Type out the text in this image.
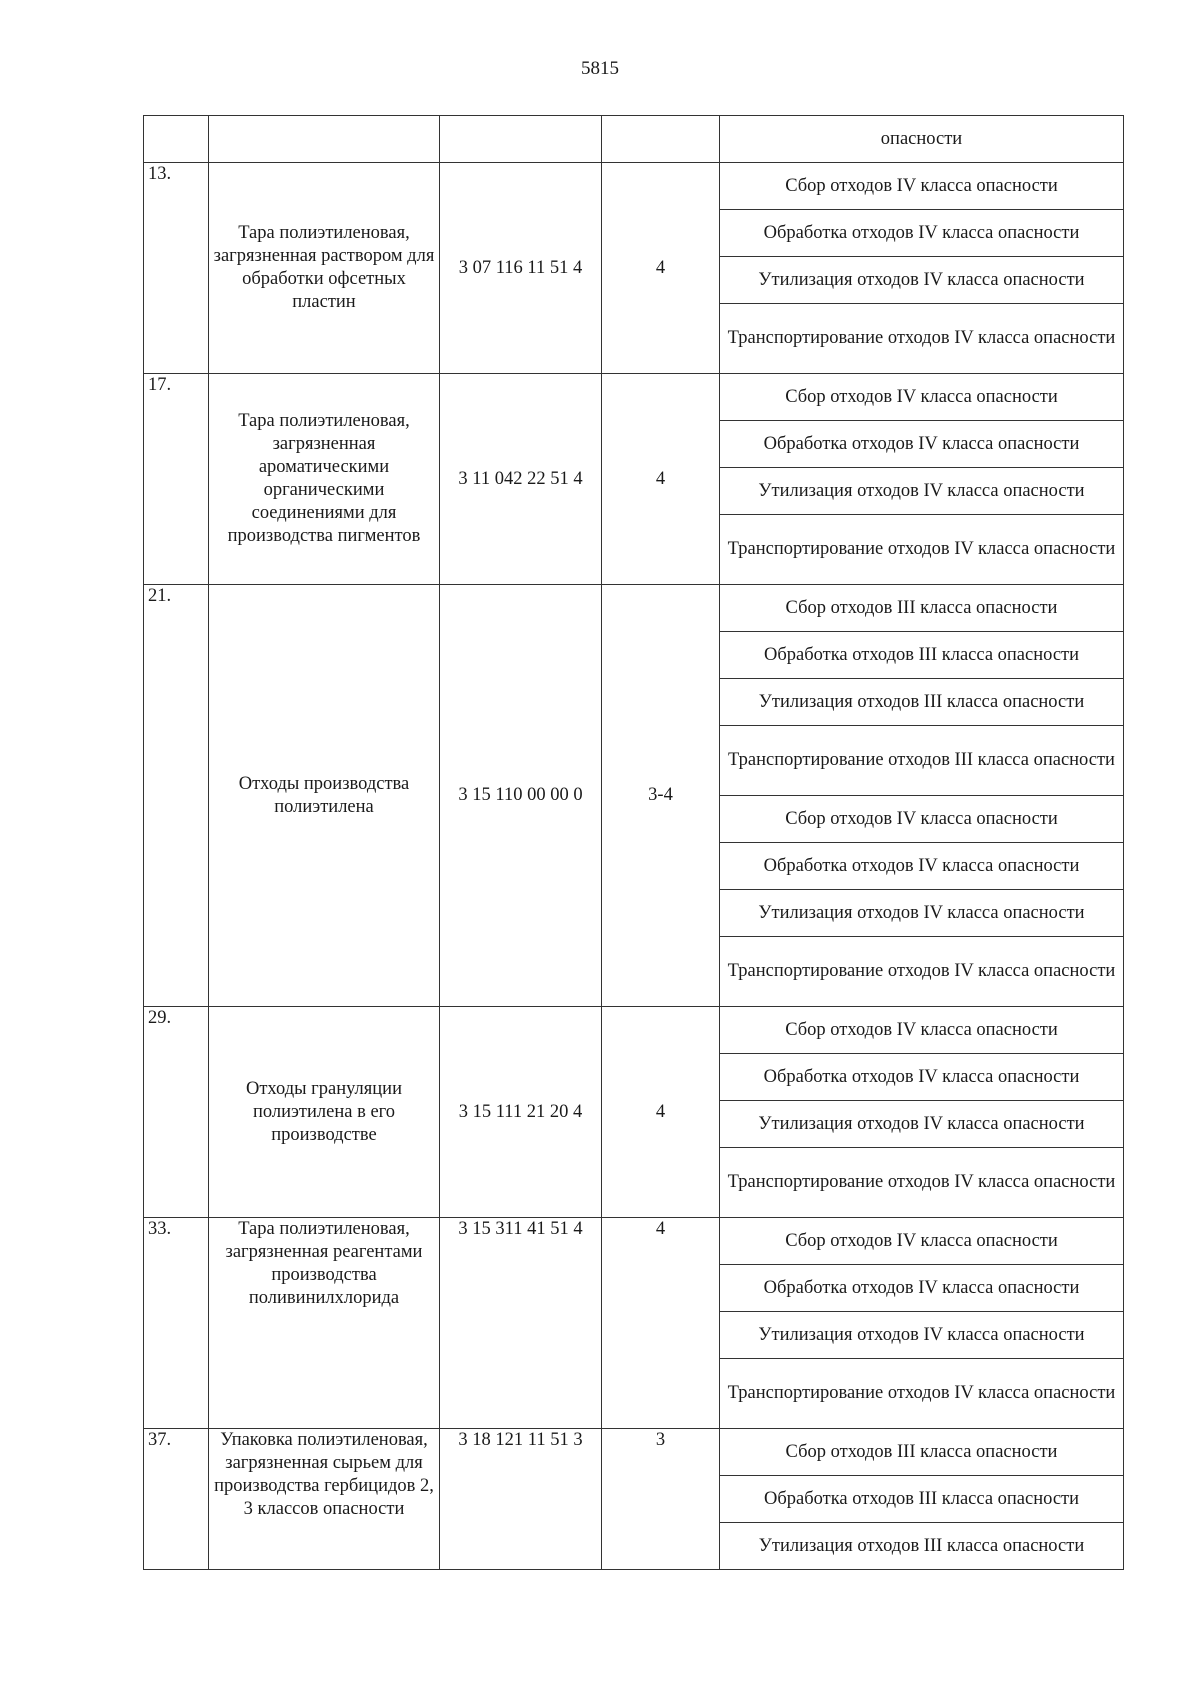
5815
				опасности
13.	Тара полиэтиленовая, загрязненная раствором для обработки офсетных пластин	3 07 116 11 51 4	4	Сбор отходов IV класса опасности
				Обработка отходов IV класса опасности
				Утилизация отходов IV класса опасности
				Транспортирование отходов IV класса опасности
17.	Тара полиэтиленовая, загрязненная ароматическими органическими соединениями для производства пигментов	3 11 042 22 51 4	4	Сбор отходов IV класса опасности
				Обработка отходов IV класса опасности
				Утилизация отходов IV класса опасности
				Транспортирование отходов IV класса опасности
21.	Отходы производства полиэтилена	3 15 110 00 00 0	3-4	Сбор отходов III класса опасности
				Обработка отходов III класса опасности
				Утилизация отходов III класса опасности
				Транспортирование отходов III класса опасности
				Сбор отходов IV класса опасности
				Обработка отходов IV класса опасности
				Утилизация отходов IV класса опасности
				Транспортирование отходов IV класса опасности
29.	Отходы грануляции полиэтилена в его производстве	3 15 111 21 20 4	4	Сбор отходов IV класса опасности
				Обработка отходов IV класса опасности
				Утилизация отходов IV класса опасности
				Транспортирование отходов IV класса опасности
33.	Тара полиэтиленовая, загрязненная реагентами производства поливинилхлорида	3 15 311 41 51 4	4	Сбор отходов IV класса опасности
				Обработка отходов IV класса опасности
				Утилизация отходов IV класса опасности
				Транспортирование отходов IV класса опасности
37.	Упаковка полиэтиленовая, загрязненная сырьем для производства гербицидов 2, 3 классов опасности	3 18 121 11 51 3	3	Сбор отходов III класса опасности
				Обработка отходов III класса опасности
				Утилизация отходов III класса опасности
